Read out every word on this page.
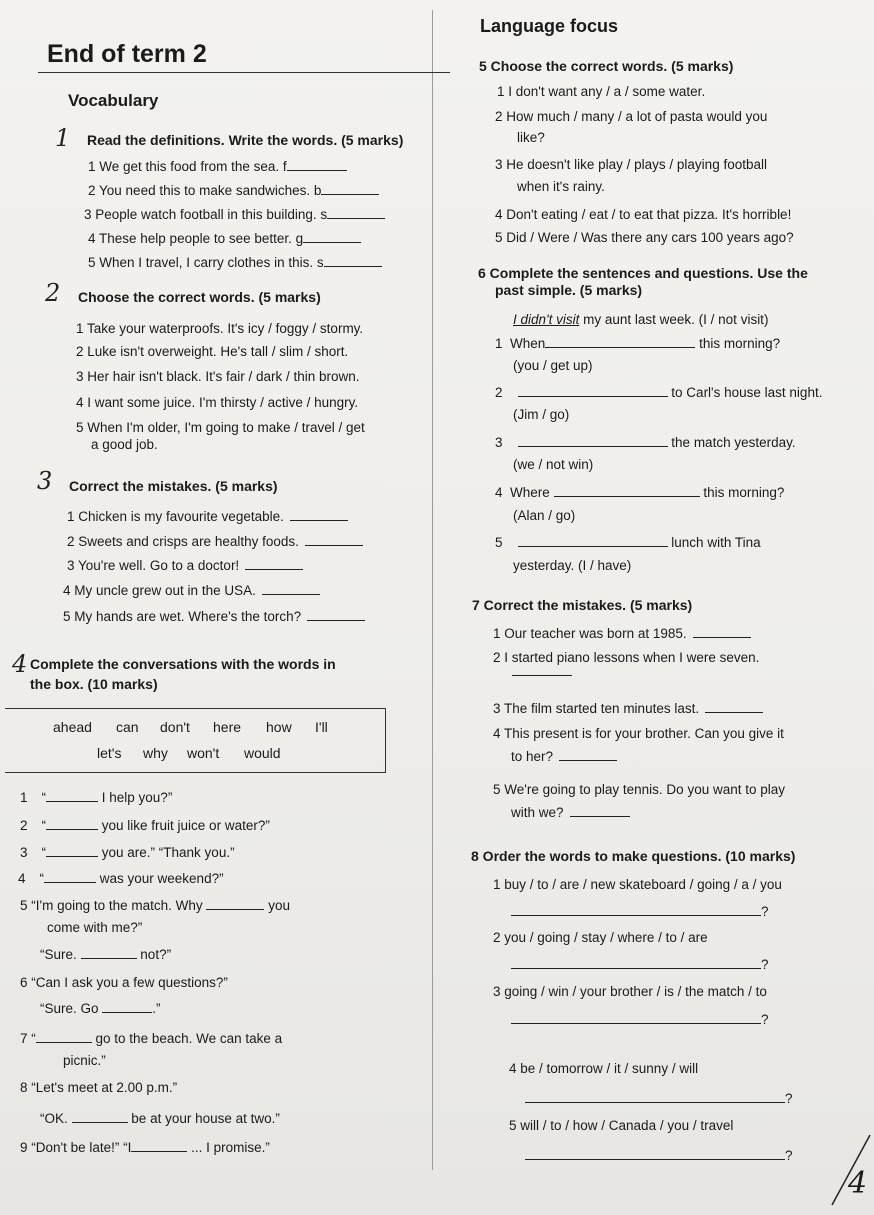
Language focus
End of term 2
Vocabulary
1 Read the definitions. Write the words. (5 marks)
1 We get this food from the sea. f
2 You need this to make sandwiches. b
3 People watch football in this building. s
4 These help people to see better. g
5 When I travel, I carry clothes in this. s
2 Choose the correct words. (5 marks)
1 Take your waterproofs. It's icy / foggy / stormy.
2 Luke isn't overweight. He's tall / slim / short.
3 Her hair isn't black. It's fair / dark / thin brown.
4 I want some juice. I'm thirsty / active / hungry.
5 When I'm older, I'm going to make / travel / get
a good job.
3 Correct the mistakes. (5 marks)
1 Chicken is my favourite vegetable.
2 Sweets and crisps are healthy foods.
3 You're well. Go to a doctor!
4 My uncle grew out in the USA.
5 My hands are wet. Where's the torch?
4 Complete the conversations with the words in
the box. (10 marks)
ahead can don't here how I'll
let's why won't would
1 “	I help you?”
2 “	you like fruit juice or water?”
3 “	you are.” “Thank you.”
4 “	was your weekend?”
5 “I'm going to the match. Why	you
come with me?”
“Sure.	not?”
6 “Can I ask you a few questions?”
“Sure. Go	.”
7 “	go to the beach. We can take a
picnic.”
8 “Let's meet at 2.00 p.m.”
“OK.	be at your house at two.”
9 “Don't be late!” “I	... I promise.”
5 Choose the correct words. (5 marks)
1 I don't want any / a / some water.
2 How much / many / a lot of pasta would you
like?
3 He doesn't like play / plays / playing football
when it's rainy.
4 Don't eating / eat / to eat that pizza. It's horrible!
5 Did / Were / Was there any cars 100 years ago?
6 Complete the sentences and questions. Use the
past simple. (5 marks)
I didn't visit my aunt last week. (I / not visit)
1 When	this morning?
(you / get up)
2	to Carl's house last night.
(Jim / go)
3	the match yesterday.
(we / not win)
4 Where	this morning?
(Alan / go)
5	lunch with Tina
yesterday. (I / have)
7 Correct the mistakes. (5 marks)
1 Our teacher was born at 1985.
2 I started piano lessons when I were seven.
3 The film started ten minutes last.
4 This present is for your brother. Can you give it
to her?
5 We're going to play tennis. Do you want to play
with we?
8 Order the words to make questions. (10 marks)
1 buy / to / are / new skateboard / going / a / you
?
2 you / going / stay / where / to / are
?
3 going / win / your brother / is / the match / to
?
4 be / tomorrow / it / sunny / will
?
5 will / to / how / Canada / you / travel
?
4
